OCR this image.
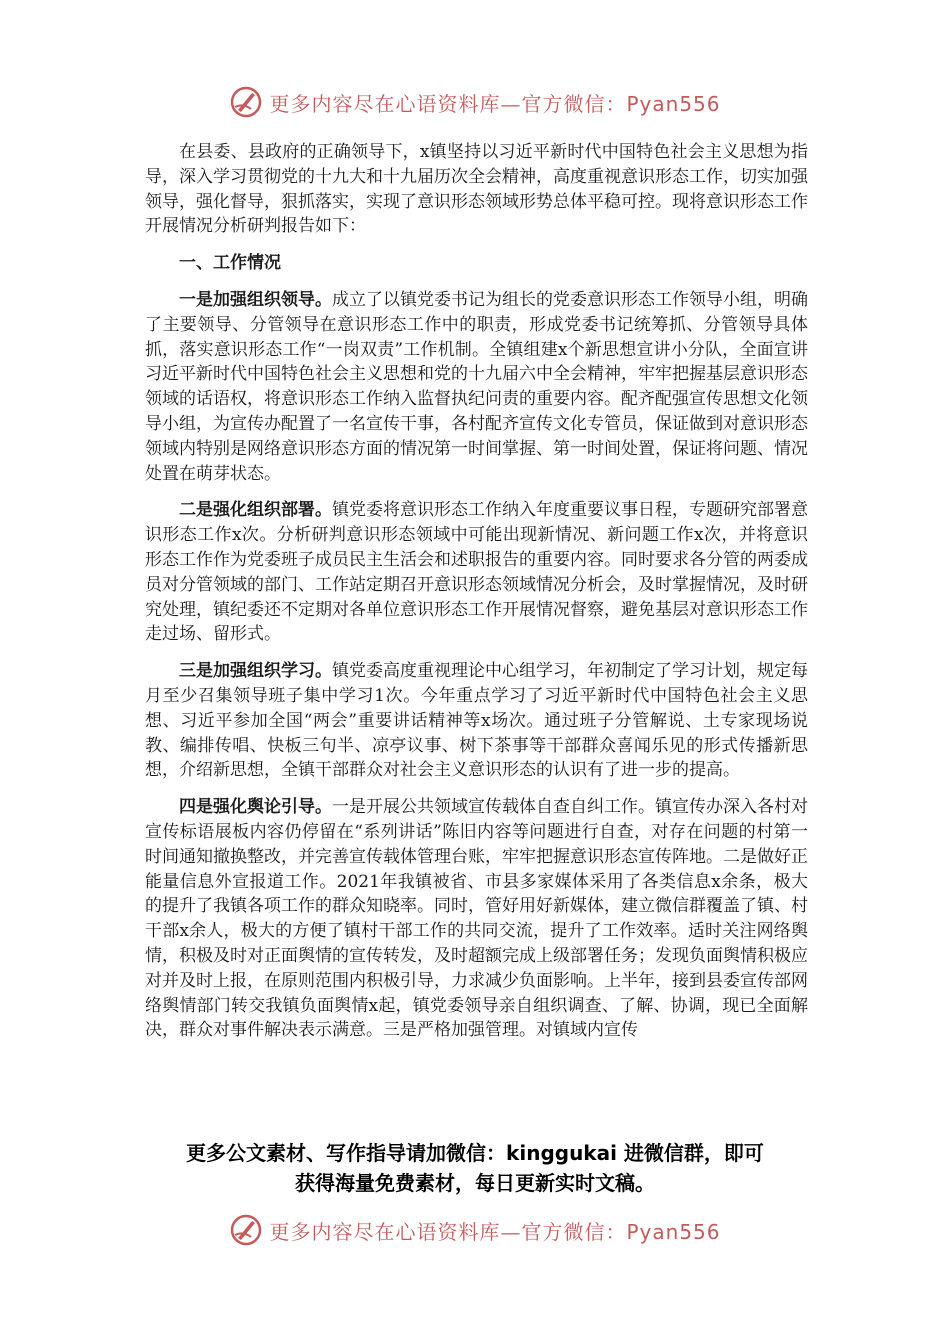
更多内容尽在心语资料库—官方微信：Pyan556

在县委、县政府的正确领导下，x镇坚持以习近平新时代中国特色社会主义思想为指导，深入学习贯彻党的十九大和十九届历次全会精神，高度重视意识形态工作，切实加强领导，强化督导，狠抓落实，实现了意识形态领域形势总体平稳可控。现将意识形态工作开展情况分析研判报告如下：

一、工作情况

一是加强组织领导。成立了以镇党委书记为组长的党委意识形态工作领导小组，明确了主要领导、分管领导在意识形态工作中的职责，形成党委书记统筹抓、分管领导具体抓，落实意识形态工作“一岗双责”工作机制。全镇组建x个新思想宣讲小分队，全面宣讲习近平新时代中国特色社会主义思想和党的十九届六中全会精神，牢牢把握基层意识形态领域的话语权，将意识形态工作纳入监督执纪问责的重要内容。配齐配强宣传思想文化领导小组，为宣传办配置了一名宣传干事，各村配齐宣传文化专管员，保证做到对意识形态领域内特别是网络意识形态方面的情况第一时间掌握、第一时间处置，保证将问题、情况处置在萌芽状态。

二是强化组织部署。镇党委将意识形态工作纳入年度重要议事日程，专题研究部署意识形态工作x次。分析研判意识形态领域中可能出现新情况、新问题工作x次，并将意识形态工作作为党委班子成员民主生活会和述职报告的重要内容。同时要求各分管的两委成员对分管领域的部门、工作站定期召开意识形态领域情况分析会，及时掌握情况，及时研究处理，镇纪委还不定期对各单位意识形态工作开展情况督察，避免基层对意识形态工作走过场、留形式。

三是加强组织学习。镇党委高度重视理论中心组学习，年初制定了学习计划，规定每月至少召集领导班子集中学习1次。今年重点学习了习近平新时代中国特色社会主义思想、习近平参加全国“两会”重要讲话精神等x场次。通过班子分管解说、土专家现场说教、编排传唱、快板三句半、凉亭议事、树下茶事等干部群众喜闻乐见的形式传播新思想，介绍新思想，全镇干部群众对社会主义意识形态的认识有了进一步的提高。

四是强化舆论引导。一是开展公共领域宣传载体自查自纠工作。镇宣传办深入各村对宣传标语展板内容仍停留在“系列讲话”陈旧内容等问题进行自查，对存在问题的村第一时间通知撤换整改，并完善宣传载体管理台账，牢牢把握意识形态宣传阵地。二是做好正能量信息外宣报道工作。2021年我镇被省、市县多家媒体采用了各类信息x余条，极大的提升了我镇各项工作的群众知晓率。同时，管好用好新媒体，建立微信群覆盖了镇、村干部x余人，极大的方便了镇村干部工作的共同交流，提升了工作效率。适时关注网络舆情，积极及时对正面舆情的宣传转发，及时超额完成上级部署任务；发现负面舆情积极应对并及时上报，在原则范围内积极引导，力求减少负面影响。上半年，接到县委宣传部网络舆情部门转交我镇负面舆情x起，镇党委领导亲自组织调查、了解、协调，现已全面解决，群众对事件解决表示满意。三是严格加强管理。对镇域内宣传

更多公文素材、写作指导请加微信：kinggukai 进微信群，即可
获得海量免费素材，每日更新实时文稿。
更多内容尽在心语资料库—官方微信：Pyan556
